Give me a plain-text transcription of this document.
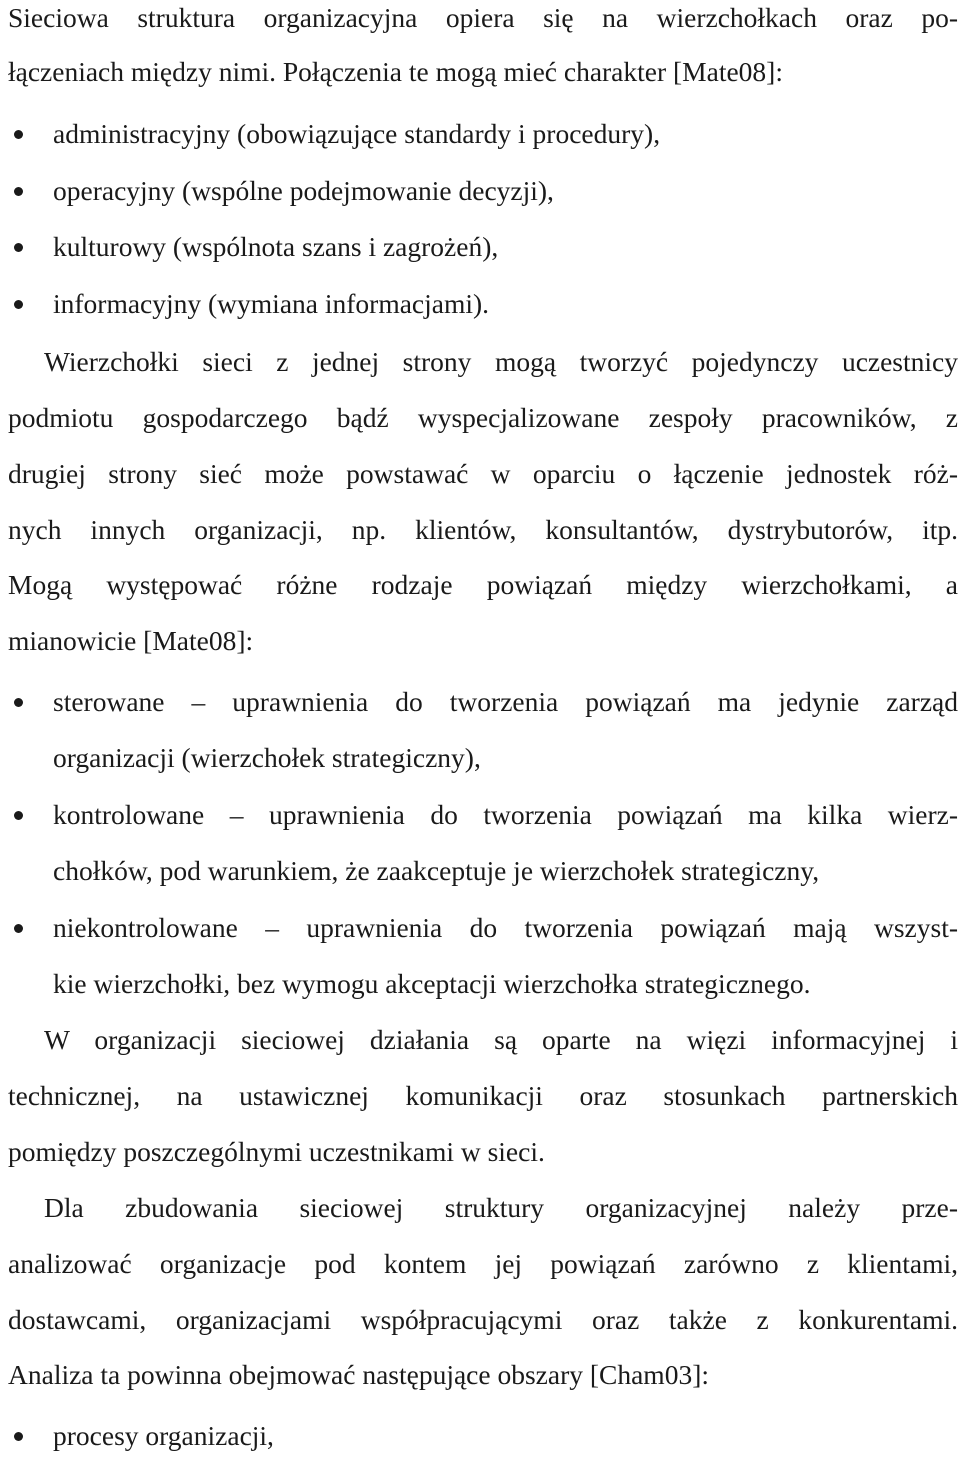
Sieciowa struktura organizacyjna opiera się na wierzchołkach oraz po-
łączeniach między nimi. Połączenia te mogą mieć charakter [Mate08]:
administracyjny (obowiązujące standardy i procedury),
operacyjny (wspólne podejmowanie decyzji),
kulturowy (wspólnota szans i zagrożeń),
informacyjny (wymiana informacjami).
Wierzchołki sieci z jednej strony mogą tworzyć pojedynczy uczestnicy
podmiotu gospodarczego bądź wyspecjalizowane zespoły pracowników, z
drugiej strony sieć może powstawać w oparciu o łączenie jednostek róż-
nych innych organizacji, np. klientów, konsultantów, dystrybutorów, itp.
Mogą występować różne rodzaje powiązań między wierzchołkami, a
mianowicie [Mate08]:
sterowane – uprawnienia do tworzenia powiązań ma jedynie zarząd
organizacji (wierzchołek strategiczny),
kontrolowane – uprawnienia do tworzenia powiązań ma kilka wierz-
chołków, pod warunkiem, że zaakceptuje je wierzchołek strategiczny,
niekontrolowane – uprawnienia do tworzenia powiązań mają wszyst-
kie wierzchołki, bez wymogu akceptacji wierzchołka strategicznego.
W organizacji sieciowej działania są oparte na więzi informacyjnej i
technicznej, na ustawicznej komunikacji oraz stosunkach partnerskich
pomiędzy poszczególnymi uczestnikami w sieci.
Dla zbudowania sieciowej struktury organizacyjnej należy prze-
analizować organizacje pod kontem jej powiązań zarówno z klientami,
dostawcami, organizacjami współpracującymi oraz także z konkurentami.
Analiza ta powinna obejmować następujące obszary [Cham03]:
procesy organizacji,
